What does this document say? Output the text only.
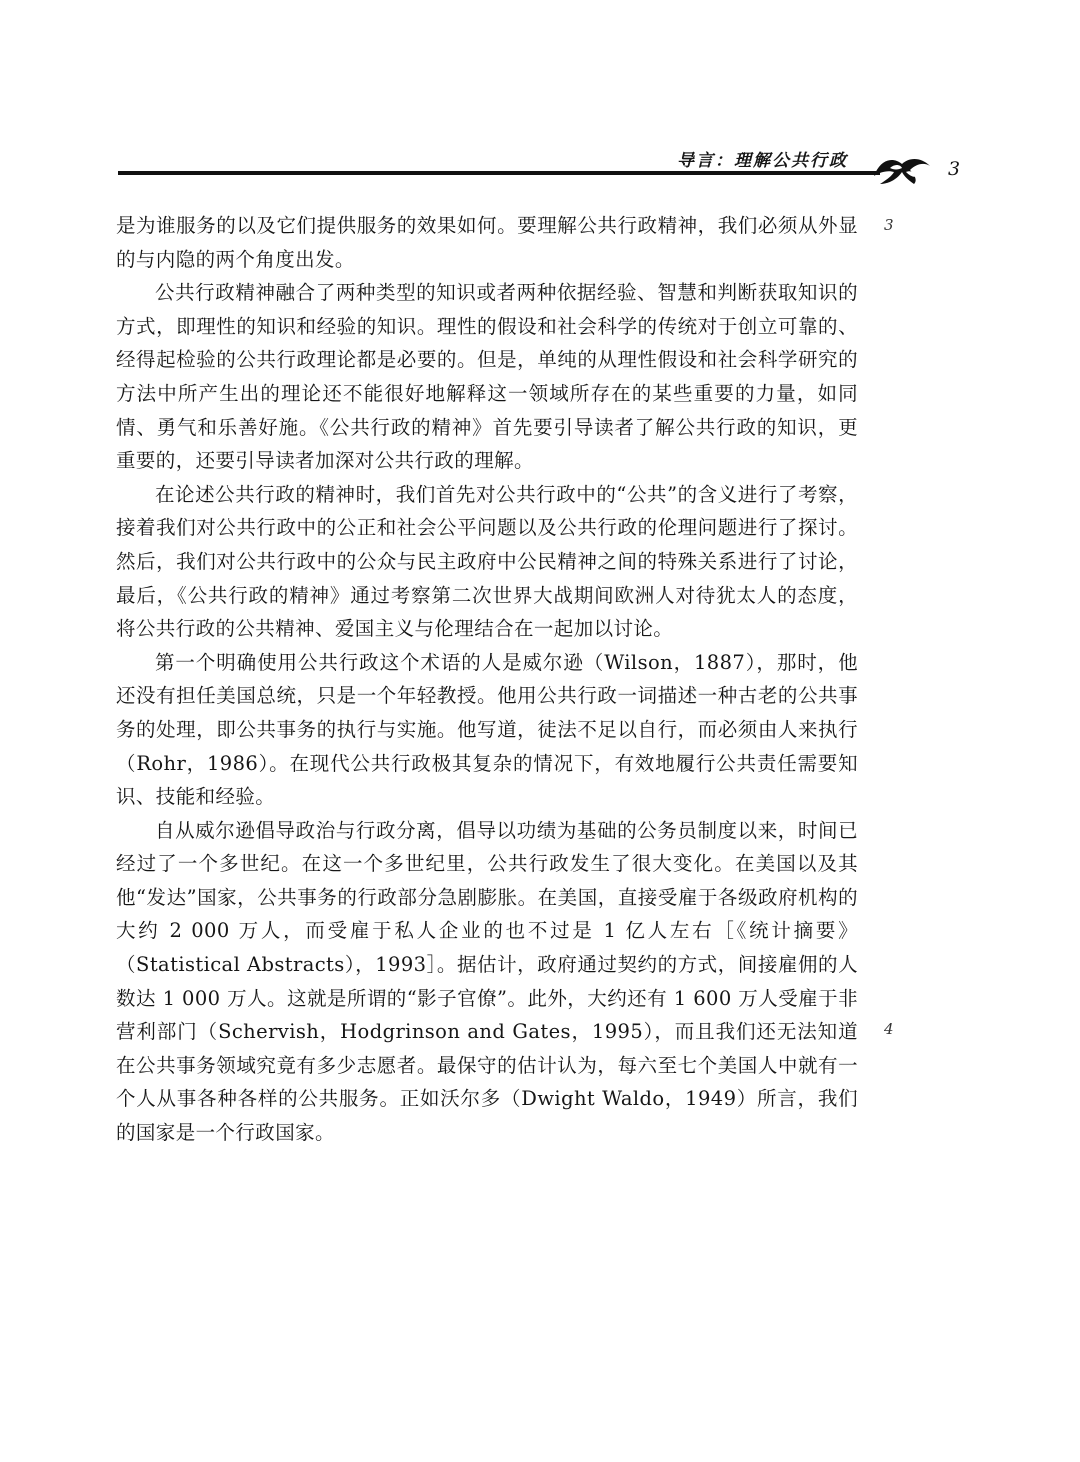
导言：理解公共行政	3
3
4

是为谁服务的以及它们提供服务的效果如何。要理解公共行政精神，我们必须从外显的与内隐的两个角度出发。

公共行政精神融合了两种类型的知识或者两种依据经验、智慧和判断获取知识的方式，即理性的知识和经验的知识。理性的假设和社会科学的传统对于创立可靠的、经得起检验的公共行政理论都是必要的。但是，单纯的从理性假设和社会科学研究的方法中所产生出的理论还不能很好地解释这一领域所存在的某些重要的力量，如同情、勇气和乐善好施。《公共行政的精神》首先要引导读者了解公共行政的知识，更重要的，还要引导读者加深对公共行政的理解。

在论述公共行政的精神时，我们首先对公共行政中的“公共”的含义进行了考察，接着我们对公共行政中的公正和社会公平问题以及公共行政的伦理问题进行了探讨。然后，我们对公共行政中的公众与民主政府中公民精神之间的特殊关系进行了讨论，最后，《公共行政的精神》通过考察第二次世界大战期间欧洲人对待犹太人的态度，将公共行政的公共精神、爱国主义与伦理结合在一起加以讨论。

第一个明确使用公共行政这个术语的人是威尔逊（Wilson，1887），那时，他还没有担任美国总统，只是一个年轻教授。他用公共行政一词描述一种古老的公共事务的处理，即公共事务的执行与实施。他写道，徒法不足以自行，而必须由人来执行（Rohr，1986）。在现代公共行政极其复杂的情况下，有效地履行公共责任需要知识、技能和经验。

自从威尔逊倡导政治与行政分离，倡导以功绩为基础的公务员制度以来，时间已经过了一个多世纪。在这一个多世纪里，公共行政发生了很大变化。在美国以及其他“发达”国家，公共事务的行政部分急剧膨胀。在美国，直接受雇于各级政府机构的大约 2 000 万人，而受雇于私人企业的也不过是 1 亿人左右［《统计摘要》（Statistical Abstracts），1993］。据估计，政府通过契约的方式，间接雇佣的人数达 1 000 万人。这就是所谓的“影子官僚”。此外，大约还有 1 600 万人受雇于非营利部门（Schervish，Hodgrinson and Gates，1995），而且我们还无法知道在公共事务领域究竟有多少志愿者。最保守的估计认为，每六至七个美国人中就有一个人从事各种各样的公共服务。正如沃尔多（Dwight Waldo，1949）所言，我们的国家是一个行政国家。
